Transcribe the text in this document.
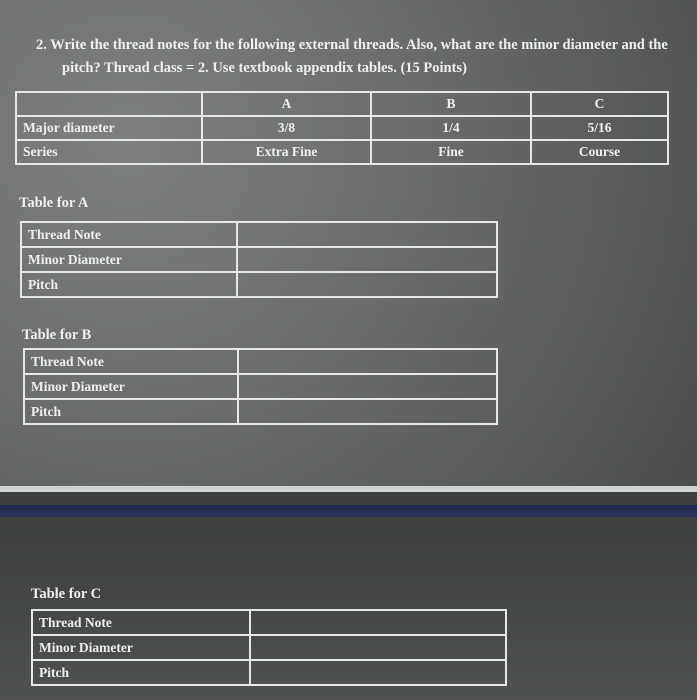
2. Write the thread notes for the following external threads. Also, what are the minor diameter and the
pitch? Thread class = 2. Use textbook appendix tables. (15 Points)
	A	B	C
Major diameter	3/8	1/4	5/16
Series	Extra Fine	Fine	Course
Table for A
Thread Note	
Minor Diameter	
Pitch	
Table for B
Thread Note	
Minor Diameter	
Pitch	
Table for C
Thread Note	
Minor Diameter	
Pitch	
